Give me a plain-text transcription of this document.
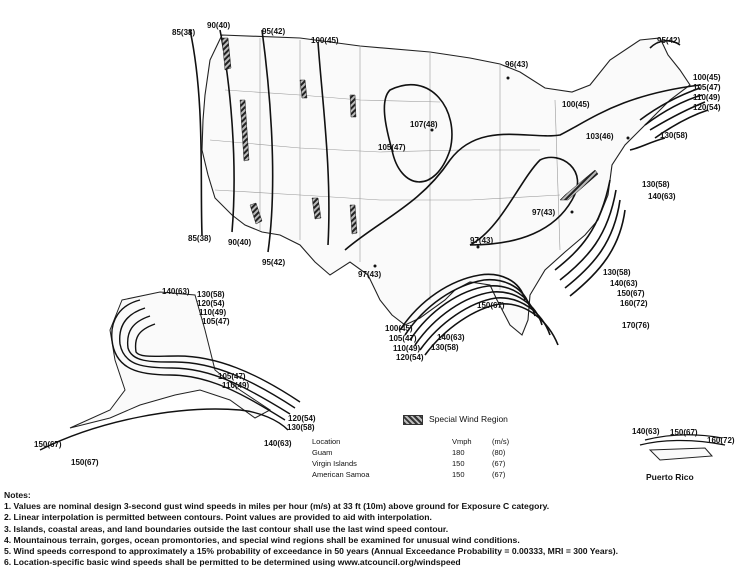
85(38)
90(40)
95(42)
100(45)
96(43)
107(48)
105(47)
100(45)
103(46)
95(42)
100(45)
105(47)
110(49)
120(54)
130(58)
130(58)
140(63)
85(38) 90(40)
95(42)
97(43)
97(43)
97(43)
130(58)
140(63)
150(67)
160(72)
170(76)
150(67)
100(45)
105(47)
110(49)
120(54)
140(63)
130(58)
140(63) 130(58)
120(54)
110(49)
105(47)
105(47)
110(49)
120(54)
130(58)
140(63)
150(67)
150(67)
140(63) 150(67)
160(72)
Special Wind Region
Location	Vmph	(m/s)
Guam	180	(80)
Virgin Islands	150	(67)
American Samoa	150	(67)	Puerto Rico
Notes:
1. Values are nominal design 3-second gust wind speeds in miles per hour (m/s) at 33 ft (10m) above ground for Exposure C category.
2. Linear interpolation is permitted between contours. Point values are provided to aid with interpolation.
3. Islands, coastal areas, and land boundaries outside the last contour shall use the last wind speed contour.
4. Mountainous terrain, gorges, ocean promontories, and special wind regions shall be examined for unusual wind conditions.
5. Wind speeds correspond to approximately a 15% probability of exceedance in 50 years (Annual Exceedance Probability = 0.00333, MRI = 300 Years).
6. Location-specific basic wind speeds shall be permitted to be determined using www.atcouncil.org/windspeed
